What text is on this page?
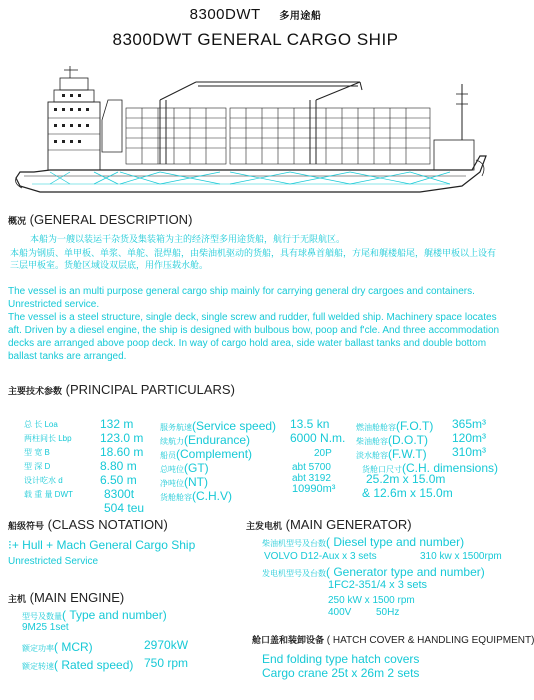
8300DWT 多用途船
8300DWT GENERAL CARGO SHIP
概况 (GENERAL DESCRIPTION)
本船为一艘以装运干杂货及集装箱为主的经济型多用途货船，航行于无限航区。
本船为钢质、单甲板、单浆、单舵、混焊船，由柴油机驱动的货船，具有球鼻首艏船，方尾和艉楼船尾，艉楼甲板以上设有三层甲板室。货舱区域设双层底，用作压载水舱。
The vessel is an multi purpose general cargo ship mainly for carrying general dry cargoes and containers. Unrestricted service.
The vessel is a steel structure, single deck, single screw and rudder, full welded ship. Machinery space locates aft. Driven by a diesel engine, the ship is designed with bulbous bow, poop and f'cle. And three accommodation decks are arranged above poop deck. In way of cargo hold area, side water ballast tanks and double bottom ballast tanks are arranged.
主要技术参数 (PRINCIPAL PARTICULARS)
总 长 Loa
两柱间长 Lbp
型 宽 B
型 深 D
设计吃水 d
载 重 量 DWT
132 m
123.0 m
18.60 m
8.80 m
6.50 m
8300t
504 teu
服务航速(Service speed)
续航力(Endurance)
船员(Complement)
总吨位(GT)
净吨位(NT)
货舱舱容(C.H.V)
13.5 kn
6000 N.m.
20P
abt 5700
abt 3192
10990m³
燃油舱舱容(F.O.T)
柴油舱容(D.O.T)
淡水舱容(F.W.T)
365m³
120m³
310m³
货舱口尺寸(C.H. dimensions)
25.2m x 15.0m
& 12.6m x 15.0m
船级符号 (CLASS NOTATION)
⁝+ Hull + Mach General Cargo Ship
Unrestricted Service
主发电机 (MAIN GENERATOR)
柴油机型号及台数( Diesel type and number)
VOLVO D12-Aux x 3 sets	310 kw x 1500rpm
发电机型号及台数( Generator type and number)
1FC2-351/4 x 3 sets
250 kW x 1500 rpm
400V 50Hz
主机 (MAIN ENGINE)
型号及数量( Type and number)
9M25 1set
额定功率( MCR)	2970kW
额定转速( Rated speed) 750 rpm
舱口盖和装卸设备 ( HATCH COVER & HANDLING EQUIPMENT)
End folding type hatch covers
Cargo crane 25t x 26m 2 sets
